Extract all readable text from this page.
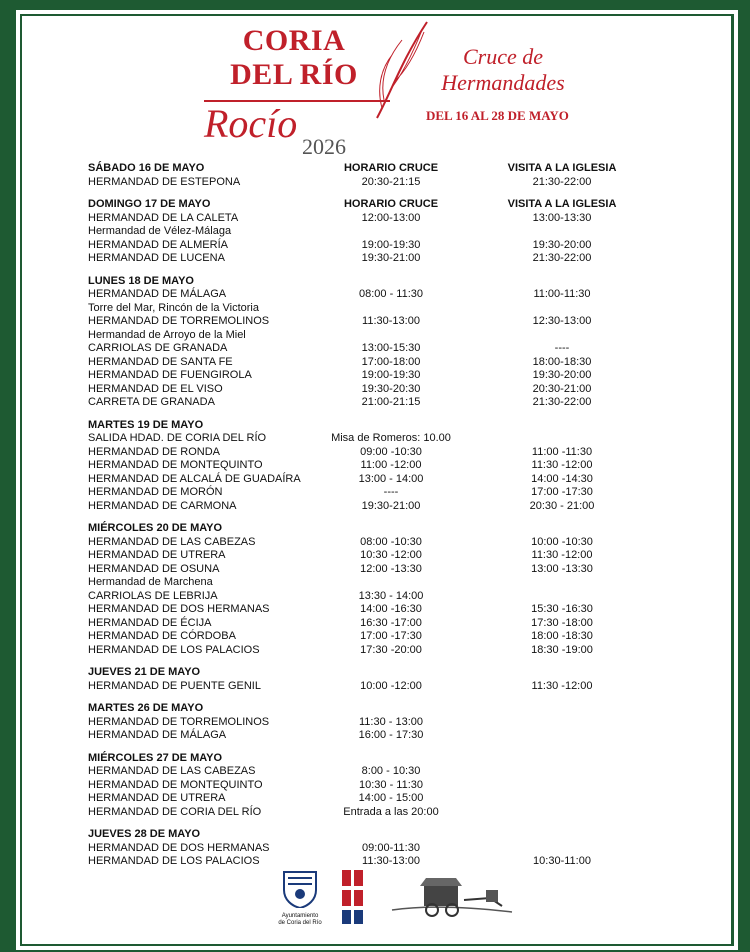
CORIA
DEL RÍO
Rocío
2026
Cruce de
Hermandades
DEL 16 AL 28 DE MAYO
SÁBADO 16 DE MAYO	HORARIO CRUCE	VISITA A LA IGLESIA
HERMANDAD DE ESTEPONA	20:30-21:15	21:30-22:00
DOMINGO 17 DE MAYO	HORARIO CRUCE	VISITA A LA IGLESIA
HERMANDAD DE LA CALETA	12:00-13:00	13:00-13:30
Hermandad de Vélez-Málaga
HERMANDAD DE ALMERÍA	19:00-19:30	19:30-20:00
HERMANDAD DE LUCENA	19:30-21:00	21:30-22:00
LUNES 18 DE MAYO
HERMANDAD DE MÁLAGA	08:00 - 11:30	11:00-11:30
Torre del Mar, Rincón de la Victoria
HERMANDAD DE TORREMOLINOS	11:30-13:00	12:30-13:00
Hermandad de Arroyo de la Miel
CARRIOLAS DE GRANADA	13:00-15:30	----
HERMANDAD DE SANTA FE	17:00-18:00	18:00-18:30
HERMANDAD DE FUENGIROLA	19:00-19:30	19:30-20:00
HERMANDAD DE EL VISO	19:30-20:30	20:30-21:00
CARRETA DE GRANADA	21:00-21:15	21:30-22:00
MARTES 19 DE MAYO
SALIDA HDAD. DE CORIA DEL RÍO	Misa de Romeros: 10.00
HERMANDAD DE RONDA	09:00 -10:30	11:00 -11:30
HERMANDAD DE MONTEQUINTO	11:00 -12:00	11:30 -12:00
HERMANDAD DE ALCALÁ DE GUADAÍRA	13:00 - 14:00	14:00 -14:30
HERMANDAD DE MORÓN	----	17:00 -17:30
HERMANDAD DE CARMONA	19:30-21:00	20:30 - 21:00
MIÉRCOLES 20 DE MAYO
HERMANDAD DE LAS CABEZAS	08:00 -10:30	10:00 -10:30
HERMANDAD DE UTRERA	10:30 -12:00	11:30 -12:00
HERMANDAD DE OSUNA	12:00 -13:30	13:00 -13:30
Hermandad de Marchena
CARRIOLAS DE LEBRIJA	13:30 - 14:00
HERMANDAD DE DOS HERMANAS	14:00 -16:30	15:30 -16:30
HERMANDAD DE ÉCIJA	16:30 -17:00	17:30 -18:00
HERMANDAD DE CÓRDOBA	17:00 -17:30	18:00 -18:30
HERMANDAD DE LOS PALACIOS	17:30 -20:00	18:30 -19:00
JUEVES 21 DE MAYO
HERMANDAD DE PUENTE GENIL	10:00 -12:00	11:30 -12:00
MARTES 26 DE MAYO
HERMANDAD DE TORREMOLINOS	11:30 - 13:00
HERMANDAD DE MÁLAGA	16:00 - 17:30
MIÉRCOLES 27 DE MAYO
HERMANDAD DE LAS CABEZAS	8:00 - 10:30
HERMANDAD DE MONTEQUINTO	10:30 - 11:30
HERMANDAD DE UTRERA	14:00 - 15:00
HERMANDAD DE CORIA DEL RÍO	Entrada a las 20:00
JUEVES 28 DE MAYO
HERMANDAD DE DOS HERMANAS	09:00-11:30
HERMANDAD DE LOS PALACIOS	11:30-13:00	10:30-11:00
Ayuntamiento
de Coria del Río
